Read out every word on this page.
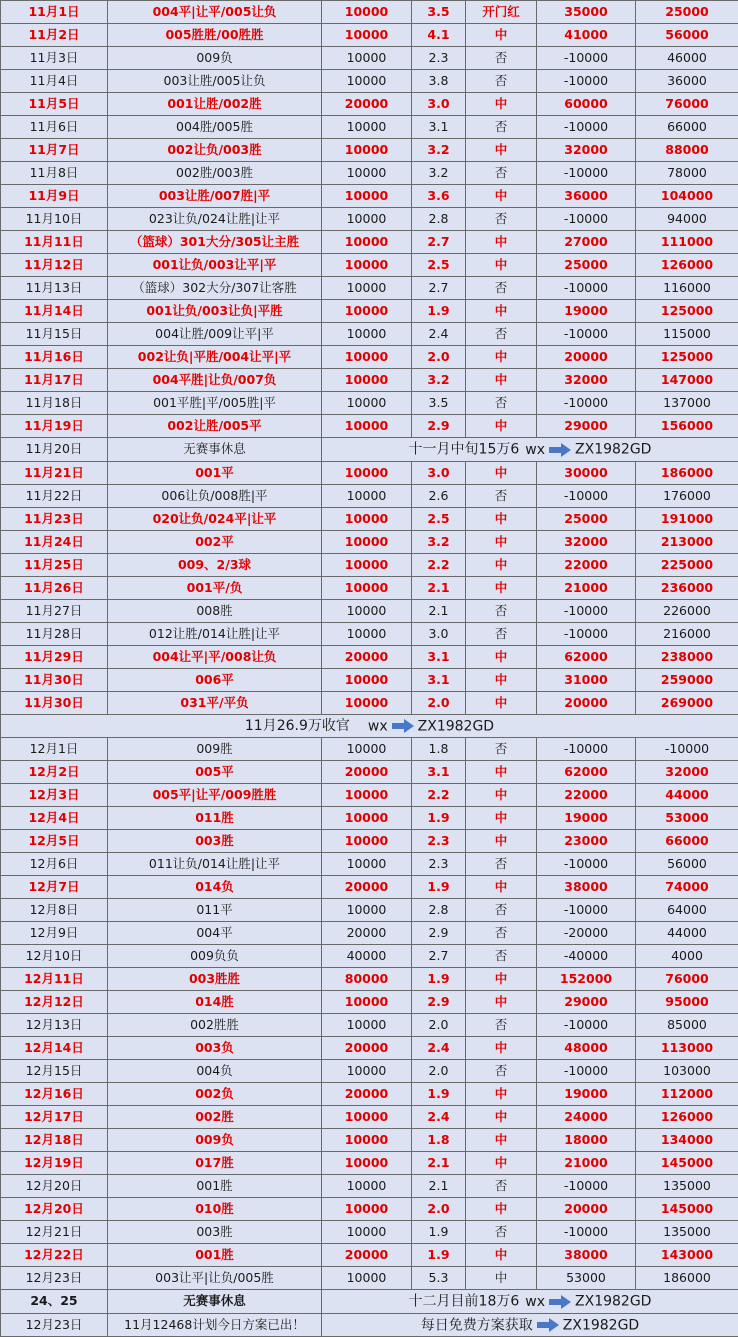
11月1日	004平|让平/005让负	10000	3.5	开门红	35000	25000
11月2日	005胜胜/00胜胜	10000	4.1	中	41000	56000
11月3日	009负	10000	2.3	否	-10000	46000
11月4日	003让胜/005让负	10000	3.8	否	-10000	36000
11月5日	001让胜/002胜	20000	3.0	中	60000	76000
11月6日	004胜/005胜	10000	3.1	否	-10000	66000
11月7日	002让负/003胜	10000	3.2	中	32000	88000
11月8日	002胜/003胜	10000	3.2	否	-10000	78000
11月9日	003让胜/007胜|平	10000	3.6	中	36000	104000
11月10日	023让负/024让胜|让平	10000	2.8	否	-10000	94000
11月11日	（篮球）301大分/305让主胜	10000	2.7	中	27000	111000
11月12日	001让负/003让平|平	10000	2.5	中	25000	126000
11月13日	（篮球）302大分/307让客胜	10000	2.7	否	-10000	116000
11月14日	001让负/003让负|平胜	10000	1.9	中	19000	125000
11月15日	004让胜/009让平|平	10000	2.4	否	-10000	115000
11月16日	002让负|平胜/004让平|平	10000	2.0	中	20000	125000
11月17日	004平胜|让负/007负	10000	3.2	中	32000	147000
11月18日	001平胜|平/005胜|平	10000	3.5	否	-10000	137000
11月19日	002让胜/005平	10000	2.9	中	29000	156000
11月20日	无赛事休息	十一月中旬15万6 wx ZX1982GD				
11月21日	001平	10000	3.0	中	30000	186000
11月22日	006让负/008胜|平	10000	2.6	否	-10000	176000
11月23日	020让负/024平|让平	10000	2.5	中	25000	191000
11月24日	002平	10000	3.2	中	32000	213000
11月25日	009、2/3球	10000	2.2	中	22000	225000
11月26日	001平/负	10000	2.1	中	21000	236000
11月27日	008胜	10000	2.1	否	-10000	226000
11月28日	012让胜/014让胜|让平	10000	3.0	否	-10000	216000
11月29日	004让平|平/008让负	20000	3.1	中	62000	238000
11月30日	006平	10000	3.1	中	31000	259000
11月30日	031平/平负	10000	2.0	中	20000	269000
11月26.9万收官 wx ZX1982GD						
12月1日	009胜	10000	1.8	否	-10000	-10000
12月2日	005平	20000	3.1	中	62000	32000
12月3日	005平|让平/009胜胜	10000	2.2	中	22000	44000
12月4日	011胜	10000	1.9	中	19000	53000
12月5日	003胜	10000	2.3	中	23000	66000
12月6日	011让负/014让胜|让平	10000	2.3	否	-10000	56000
12月7日	014负	20000	1.9	中	38000	74000
12月8日	011平	10000	2.8	否	-10000	64000
12月9日	004平	20000	2.9	否	-20000	44000
12月10日	009负负	40000	2.7	否	-40000	4000
12月11日	003胜胜	80000	1.9	中	152000	76000
12月12日	014胜	10000	2.9	中	29000	95000
12月13日	002胜胜	10000	2.0	否	-10000	85000
12月14日	003负	20000	2.4	中	48000	113000
12月15日	004负	10000	2.0	否	-10000	103000
12月16日	002负	20000	1.9	中	19000	112000
12月17日	002胜	10000	2.4	中	24000	126000
12月18日	009负	10000	1.8	中	18000	134000
12月19日	017胜	10000	2.1	中	21000	145000
12月20日	001胜	10000	2.1	否	-10000	135000
12月20日	010胜	10000	2.0	中	20000	145000
12月21日	003胜	10000	1.9	否	-10000	135000
12月22日	001胜	20000	1.9	中	38000	143000
12月23日	003让平|让负/005胜	10000	5.3	中	53000	186000
24、25	无赛事休息	十二月目前18万6 wx ZX1982GD				
12月23日	11月12468计划今日方案已出！	每日免费方案获取 ZX1982GD				
